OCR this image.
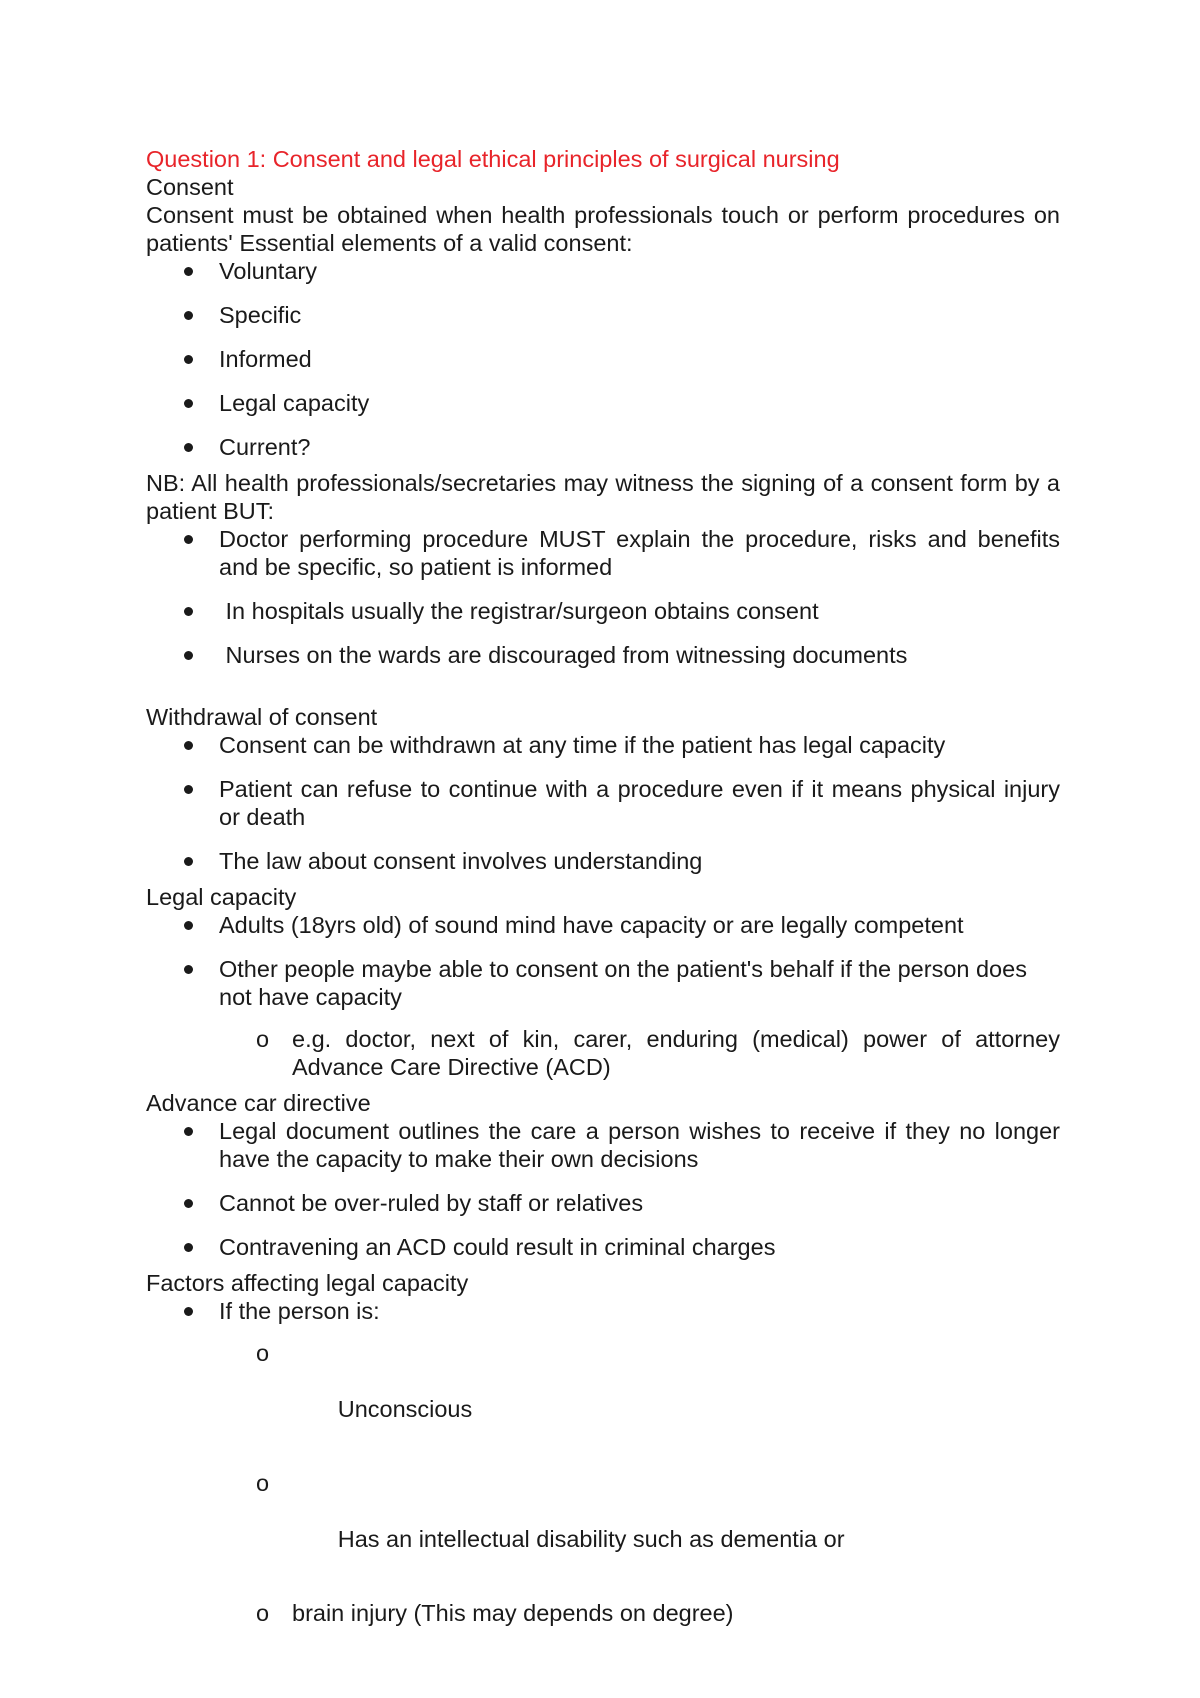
Question 1: Consent and legal ethical principles of surgical nursing

Consent

Consent must be obtained when health professionals touch or perform procedures on patients' Essential elements of a valid consent:

Voluntary
Specific
Informed
Legal capacity
Current?

NB: All health professionals/secretaries may witness the signing of a consent form by a patient BUT:

Doctor performing procedure MUST explain the procedure, risks and benefits and be specific, so patient is informed
In hospitals usually the registrar/surgeon obtains consent
Nurses on the wards are discouraged from witnessing documents

Withdrawal of consent

Consent can be withdrawn at any time if the patient has legal capacity
Patient can refuse to continue with a procedure even if it means physical injury or death
The law about consent involves understanding

Legal capacity

Adults (18yrs old) of sound mind have capacity or are legally competent
Other people maybe able to consent on the patient's behalf if the person does not have capacity
o e.g. doctor, next of kin, carer, enduring (medical) power of attorney Advance Care Directive (ACD)

Advance car directive

Legal document outlines the care a person wishes to receive if they no longer have the capacity to make their own decisions
Cannot be over-ruled by staff or relatives
Contravening an ACD could result in criminal charges

Factors affecting legal capacity

If the person is:

o

Unconscious

o

Has an intellectual disability such as dementia or

o brain injury (This may depends on degree)
